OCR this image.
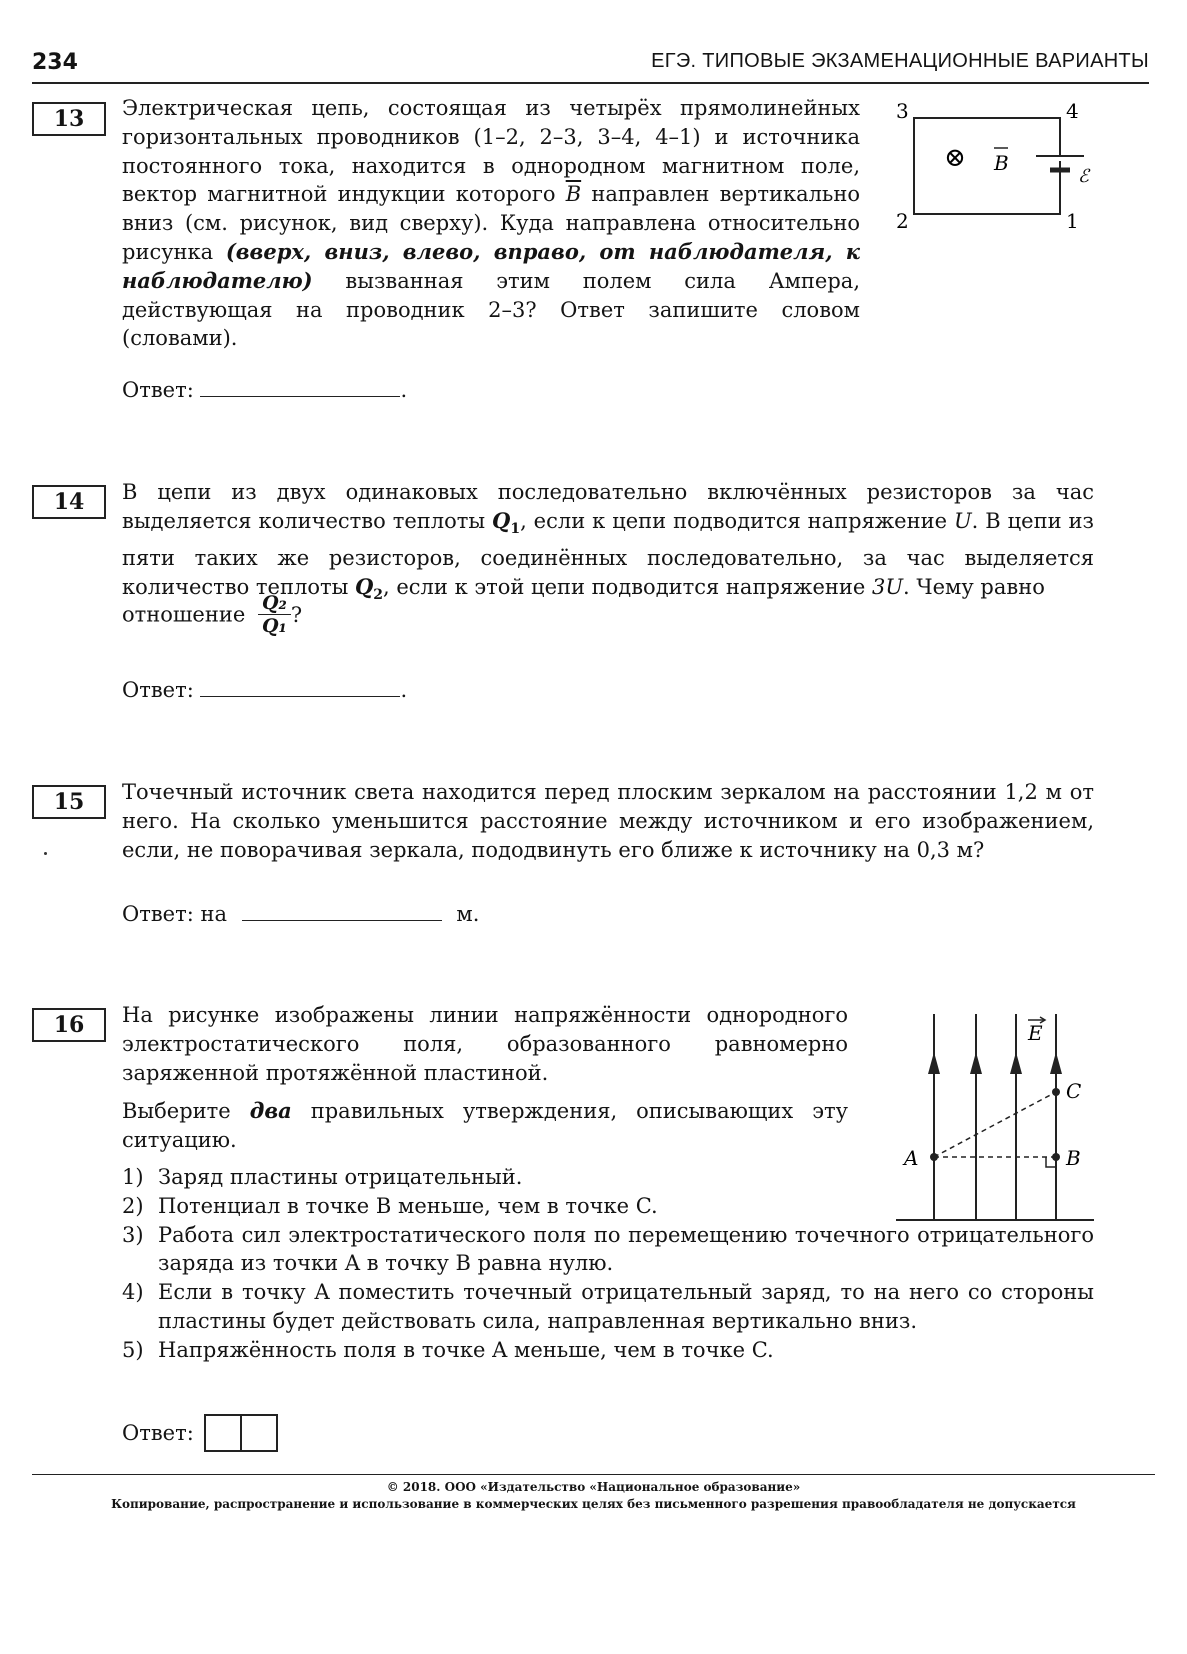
234	ЕГЭ. ТИПОВЫЕ ЭКЗАМЕНАЦИОННЫЕ ВАРИАНТЫ
13	Электрическая цепь, состоящая из четырёх прямолинейных горизонтальных проводников (1–2, 2–3, 3–4, 4–1) и источника постоянного тока, находится в однородном магнитном поле, вектор магнитной индукции которого $\overline{B}$ направлен вертикально вниз (см. рисунок, вид сверху). Куда направлена относительно рисунка (вверх, вниз, влево, вправо, от наблюдателя, к наблюдателю) вызванная этим полем сила Ампера, действующая на проводник 2–3? Ответ запишите словом (словами).

3	4
2	1
⊗ B
ℰ
Ответ:	.
14	В цепи из двух одинаковых последовательно включённых резисторов за час выделяется количество теплоты $Q_1$, если к цепи подводится напряжение U. В цепи из пяти таких же резисторов, соединённых последовательно, за час выделяется количество теплоты $Q_2$, если к этой цепи подводится напряжение 3U. Чему равно

отношение $\frac{\text{Q₂}}{\text{Q₁}}$ ?
Ответ:	.
15	Точечный источник света находится перед плоским зеркалом на расстоянии 1,2 м от него. На сколько уменьшится расстояние между источником и его изображением, если, не поворачивая зеркала, пододвинуть его ближе к источнику на 0,3 м?

Ответ: на	м.
16	На рисунке изображены линии напряжённости однородного электростатического поля, образованного равномерно заряженной протяжённой пластиной.

Выберите два правильных утверждения, описывающих эту ситуацию.

1) Заряд пластины отрицательный.
2) Потенциал в точке B меньше, чем в точке C.
3) Работа сил электростатического поля по перемещению точечного отрицательного заряда из точки A в точку B равна нулю.
4) Если в точку A поместить точечный отрицательный заряд, то на него со стороны пластины будет действовать сила, направленная вертикально вниз.
5) Напряжённость поля в точке A меньше, чем в точке C.
A	B
C
E
Ответ:
© 2018. ООО «Издательство «Национальное образование»
Копирование, распространение и использование в коммерческих целях без письменного разрешения правообладателя не допускается
